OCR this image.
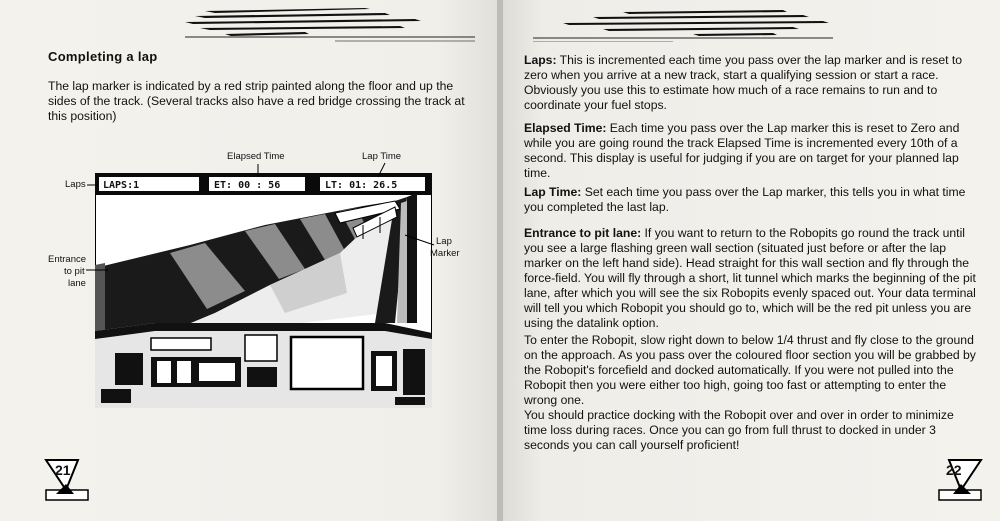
Completing a lap

The lap marker is indicated by a red strip painted along the floor and up the sides of the track. (Several tracks also have a red bridge crossing the track at this position)

LAPS:1	ET: 00 : 56	LT: 01: 26.5
Elapsed Time	Lap Time
Laps
Entrance
to pit
lane
Lap
Marker
21

Laps: This is incremented each time you pass over the lap marker and is reset to zero when you arrive at a new track, start a qualifying session or start a race. Obviously you use this to estimate how much of a race remains to run and to coordinate your fuel stops.

Elapsed Time: Each time you pass over the Lap marker this is reset to Zero and while you are going round the track Elapsed Time is incremented every 10th of a second. This display is useful for judging if you are on target for your planned lap time.

Lap Time: Set each time you pass over the Lap marker, this tells you in what time you completed the last lap.

Entrance to pit lane: If you want to return to the Robopits go round the track until you see a large flashing green wall section (situated just before or after the lap marker on the left hand side). Head straight for this wall section and fly through the force-field. You will fly through a short, lit tunnel which marks the beginning of the pit lane, after which you will see the six Robopits evenly spaced out. Your data terminal will tell you which Robopit you should go to, which will be the red pit unless you are using the datalink option.

To enter the Robopit, slow right down to below 1/4 thrust and fly close to the ground on the approach. As you pass over the coloured floor section you will be grabbed by the Robopit's forcefield and docked automatically. If you were not pulled into the Robopit then you were either too high, going too fast or attempting to enter the wrong one.

You should practice docking with the Robopit over and over in order to minimize time loss during races. Once you can go from full thrust to docked in under 3 seconds you can call yourself proficient!

22
